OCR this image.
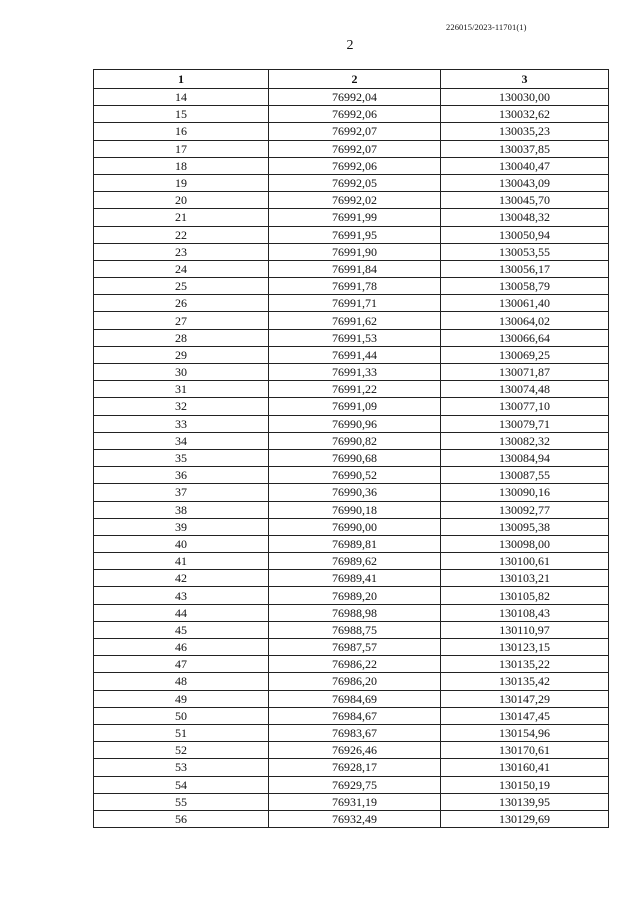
226015/2023-11701(1)
2
1	2	3
14	76992,04	130030,00
15	76992,06	130032,62
16	76992,07	130035,23
17	76992,07	130037,85
18	76992,06	130040,47
19	76992,05	130043,09
20	76992,02	130045,70
21	76991,99	130048,32
22	76991,95	130050,94
23	76991,90	130053,55
24	76991,84	130056,17
25	76991,78	130058,79
26	76991,71	130061,40
27	76991,62	130064,02
28	76991,53	130066,64
29	76991,44	130069,25
30	76991,33	130071,87
31	76991,22	130074,48
32	76991,09	130077,10
33	76990,96	130079,71
34	76990,82	130082,32
35	76990,68	130084,94
36	76990,52	130087,55
37	76990,36	130090,16
38	76990,18	130092,77
39	76990,00	130095,38
40	76989,81	130098,00
41	76989,62	130100,61
42	76989,41	130103,21
43	76989,20	130105,82
44	76988,98	130108,43
45	76988,75	130110,97
46	76987,57	130123,15
47	76986,22	130135,22
48	76986,20	130135,42
49	76984,69	130147,29
50	76984,67	130147,45
51	76983,67	130154,96
52	76926,46	130170,61
53	76928,17	130160,41
54	76929,75	130150,19
55	76931,19	130139,95
56	76932,49	130129,69
